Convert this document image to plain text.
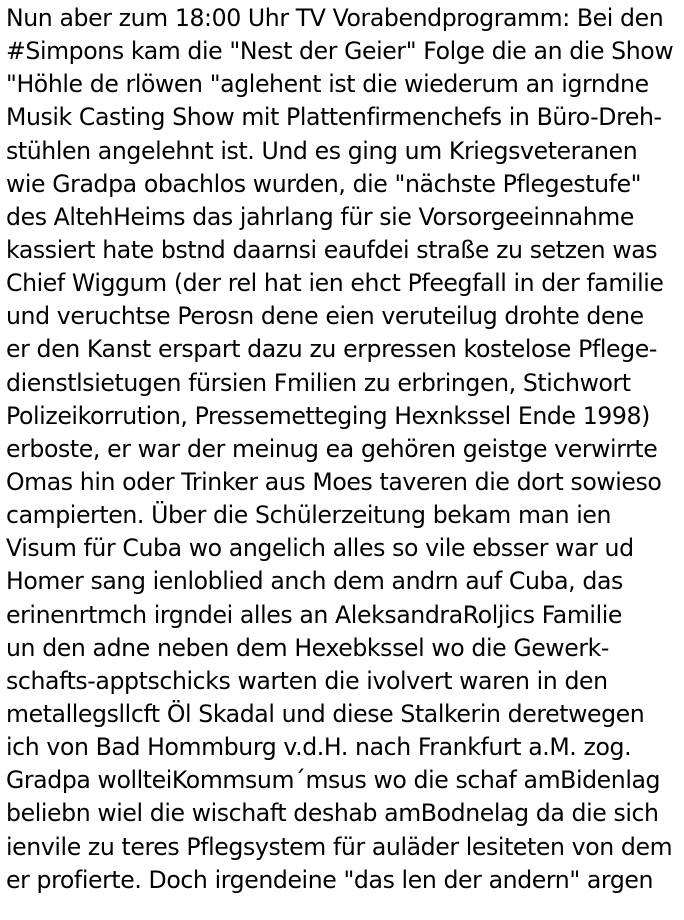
Nun aber zum 18:00 Uhr TV Vorabendprogramm: Bei den
#Simpons kam die "Nest der Geier" Folge die an die Show
"Höhle de rlöwen "aglehent ist die wiederum an igrndne
Musik Casting Show mit Plattenfirmenchefs in Büro-Dreh-
stühlen angelehnt ist. Und es ging um Kriegsveteranen
wie Gradpa obachlos wurden, die "nächste Pflegestufe"
des AltehHeims das jahrlang für sie Vorsorgeeinnahme
kassiert hate bstnd daarnsi eaufdei straße zu setzen was
Chief Wiggum (der rel hat ien ehct Pfeegfall in der familie
und veruchtse Perosn dene eien veruteilug drohte dene
er den Kanst erspart dazu zu erpressen kostelose Pflege-
dienstlsietugen fürsien Fmilien zu erbringen, Stichwort
Polizeikorrution, Pressemetteging Hexnkssel Ende 1998)
erboste, er war der meinug ea gehören geistge verwirrte
Omas hin oder Trinker aus Moes taveren die dort sowieso
campierten. Über die Schülerzeitung bekam man ien
Visum für Cuba wo angelich alles so vile ebsser war ud
Homer sang ienloblied anch dem andrn auf Cuba, das
erinenrtmch irgndei alles an AleksandraRoljics Familie
un den adne neben dem Hexebkssel wo die Gewerk-
schafts-apptschicks warten die ivolvert waren in den
metallegsllcft Öl Skadal und diese Stalkerin deretwegen
ich von Bad Hommburg v.d.H. nach Frankfurt a.M. zog.
Gradpa wollteiKommsum´msus wo die schaf amBidenlag
beliebn wiel die wischaft deshab amBodnelag da die sich
ienvile zu teres Pflegsystem für auläder lesiteten von dem
er profierte. Doch irgendeine "das len der andern" argen
